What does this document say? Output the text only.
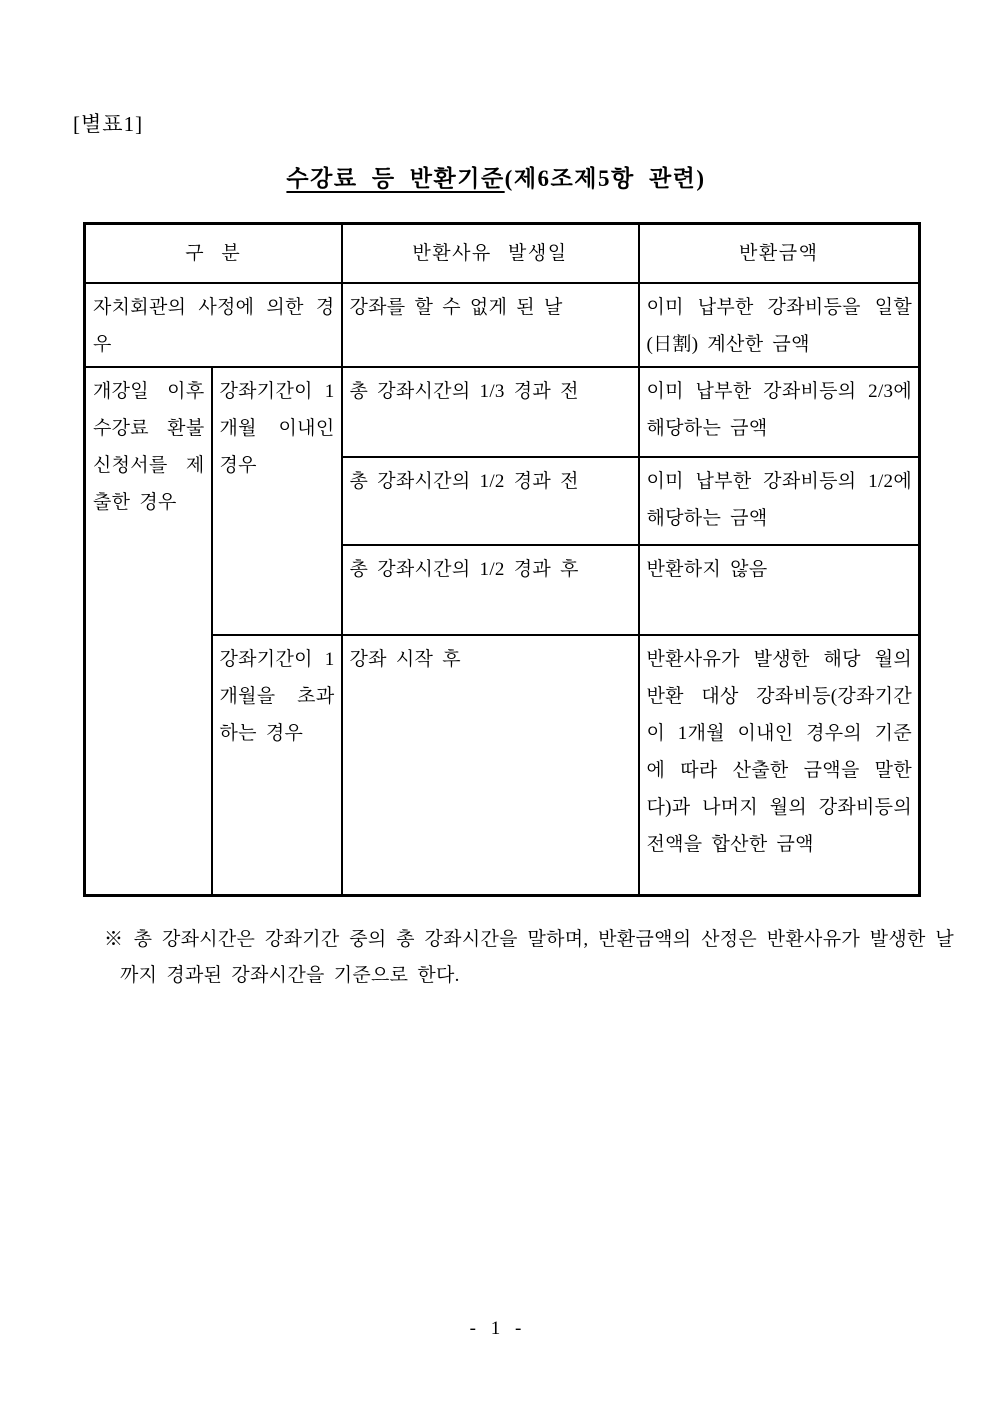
[별표1]
수강료 등 반환기준(제6조제5항 관련)
구 분		반환사유 발생일	반환금액
자치회관의 사정에 의한 경우		강좌를 할 수 없게 된 날	이미 납부한 강좌비등을 일할(日割) 계산한 금액
개강일 이후 수강료 환불 신청서를 제출한 경우	강좌기간이 1개월 이내인 경우	총 강좌시간의 1/3 경과 전	이미 납부한 강좌비등의 2/3에 해당하는 금액
		총 강좌시간의 1/2 경과 전	이미 납부한 강좌비등의 1/2에 해당하는 금액
		총 강좌시간의 1/2 경과 후	반환하지 않음
	강좌기간이 1개월을 초과하는 경우	강좌 시작 후	반환사유가 발생한 해당 월의 반환 대상 강좌비등(강좌기간이 1개월 이내인 경우의 기준에 따라 산출한 금액을 말한다)과 나머지 월의 강좌비등의 전액을 합산한 금액
※ 총 강좌시간은 강좌기간 중의 총 강좌시간을 말하며, 반환금액의 산정은 반환사유가 발생한 날까지 경과된 강좌시간을 기준으로 한다.
- 1 -
